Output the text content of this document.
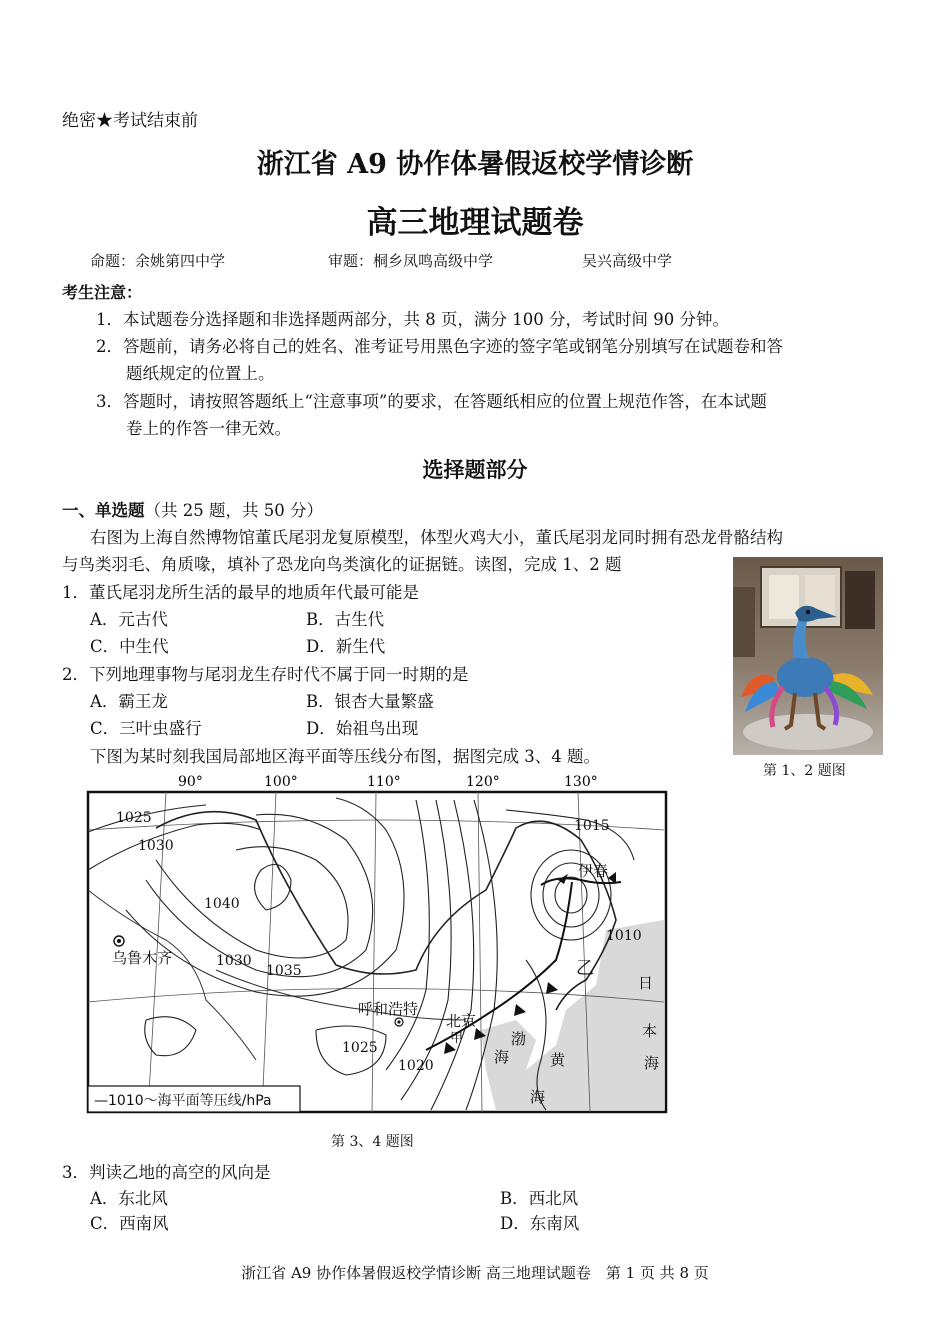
绝密★考试结束前
浙江省 A9 协作体暑假返校学情诊断
高三地理试题卷
命题：余姚第四中学	审题：桐乡凤鸣高级中学	吴兴高级中学
考生注意：
1．本试题卷分选择题和非选择题两部分，共 8 页，满分 100 分，考试时间 90 分钟。
2．答题前，请务必将自己的姓名、准考证号用黑色字迹的签字笔或钢笔分别填写在试题卷和答
题纸规定的位置上。
3．答题时，请按照答题纸上“注意事项”的要求，在答题纸相应的位置上规范作答，在本试题
卷上的作答一律无效。
选择题部分
一、单选题（共 25 题，共 50 分）
右图为上海自然博物馆董氏尾羽龙复原模型，体型火鸡大小，董氏尾羽龙同时拥有恐龙骨骼结构
与鸟类羽毛、角质喙，填补了恐龙向鸟类演化的证据链。读图，完成 1、2 题
1．董氏尾羽龙所生活的最早的地质年代最可能是
A．元古代	B．古生代
C．中生代	D．新生代
2．下列地理事物与尾羽龙生存时代不属于同一时期的是
A．霸王龙	B．银杏大量繁盛
C．三叶虫盛行	D．始祖鸟出现
下图为某时刻我国局部地区海平面等压线分布图，据图完成 3、4 题。
第 1、2 题图
90°	100°	110°	120°	130°
1025
1030
1040
1035
1030
1015
1010
1025
1020
乌鲁木齐
呼和浩特
北京
伊春
乙
甲	渤
海	黄
海
日
本
海
—1010～海平面等压线/hPa
第 3、4 题图
3．判读乙地的高空的风向是
A．东北风	B．西北风
C．西南风	D．东南风
浙江省 A9 协作体暑假返校学情诊断 高三地理试题卷　第 1 页 共 8 页
